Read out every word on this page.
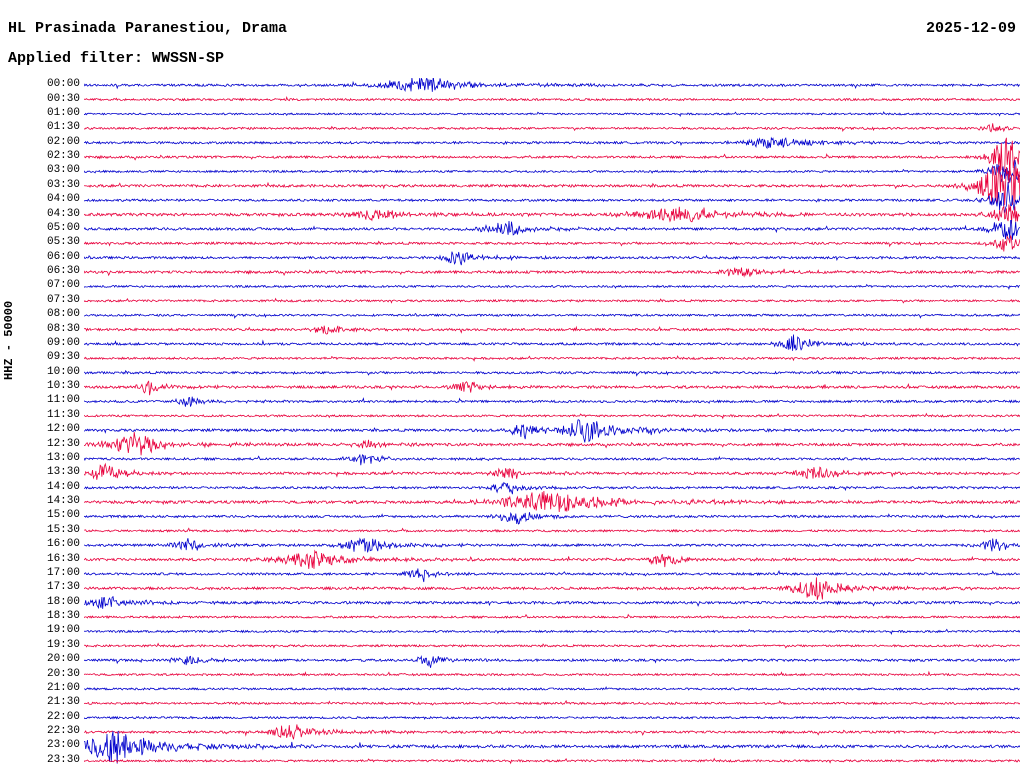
HL Prasinada Paranestiou, Drama	2025-12-09
Applied filter: WWSSN-SP
HHZ - 50000
00:00
00:30
01:00
01:30
02:00
02:30
03:00
03:30
04:00
04:30
05:00
05:30
06:00
06:30
07:00
07:30
08:00
08:30
09:00
09:30
10:00
10:30
11:00
11:30
12:00
12:30
13:00
13:30
14:00
14:30
15:00
15:30
16:00
16:30
17:00
17:30
18:00
18:30
19:00
19:30
20:00
20:30
21:00
21:30
22:00
22:30
23:00
23:30
